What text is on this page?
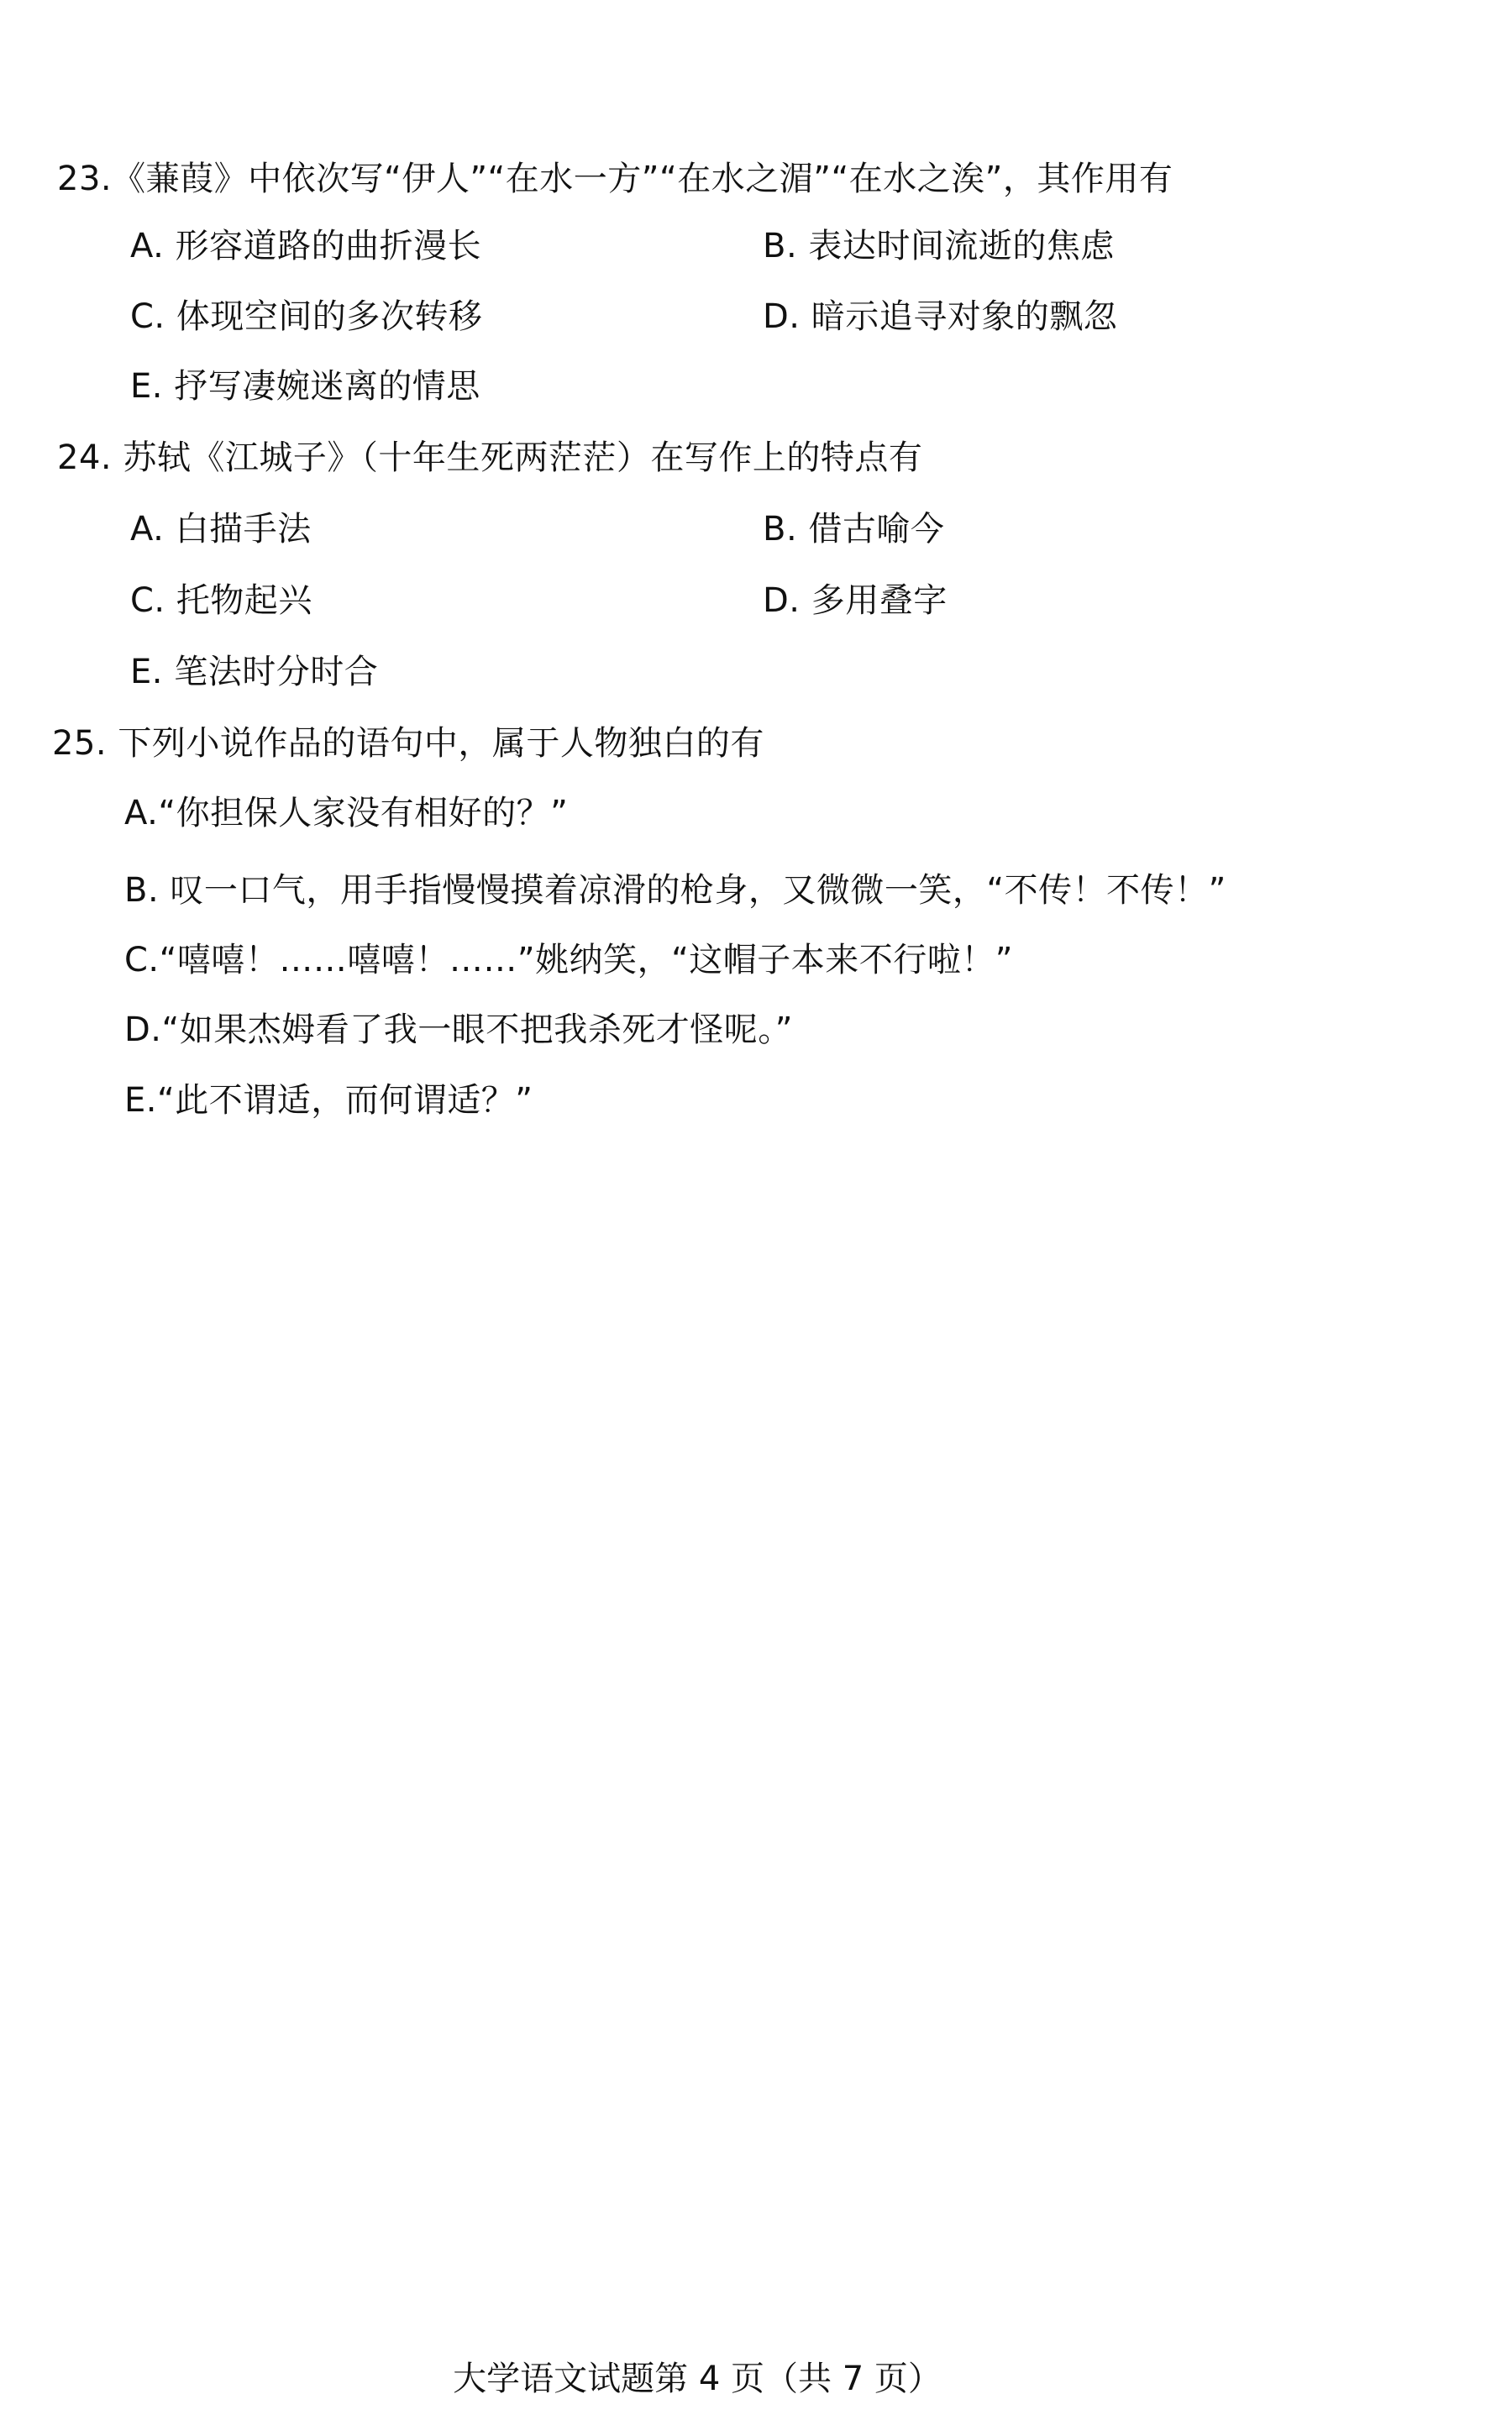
23.《蒹葭》中依次写“伊人”“在水一方”“在水之湄”“在水之涘”，其作用有
A. 形容道路的曲折漫长	B. 表达时间流逝的焦虑
C. 体现空间的多次转移	D. 暗示追寻对象的飘忽
E. 抒写凄婉迷离的情思
24. 苏轼《江城子》（十年生死两茫茫）在写作上的特点有
A. 白描手法	B. 借古喻今
C. 托物起兴	D. 多用叠字
E. 笔法时分时合
25. 下列小说作品的语句中，属于人物独白的有
A.“你担保人家没有相好的？”
B. 叹一口气，用手指慢慢摸着凉滑的枪身，又微微一笑，“不传！不传！”
C.“嘻嘻！……嘻嘻！……”姚纳笑，“这帽子本来不行啦！”
D.“如果杰姆看了我一眼不把我杀死才怪呢。”
E.“此不谓适，而何谓适？”
大学语文试题第 4 页（共 7 页）
